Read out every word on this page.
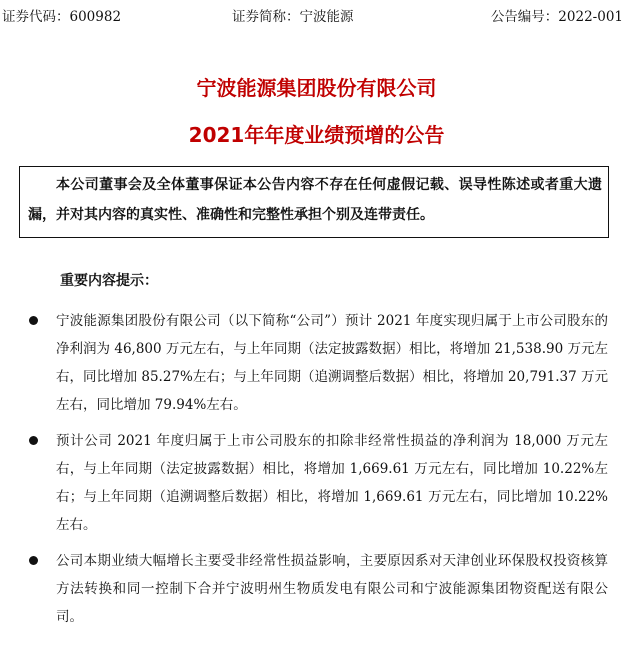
证券代码：600982	证券简称：宁波能源	公告编号：2022-001
宁波能源集团股份有限公司
2021年年度业绩预增的公告

本公司董事会及全体董事保证本公告内容不存在任何虚假记载、误导性陈述或者重大遗漏，并对其内容的真实性、准确性和完整性承担个别及连带责任。

重要内容提示：
宁波能源集团股份有限公司（以下简称“公司”）预计 2021 年度实现归属于上市公司股东的净利润为 46,800 万元左右，与上年同期（法定披露数据）相比，将增加 21,538.90 万元左右，同比增加 85.27%左右；与上年同期（追溯调整后数据）相比，将增加 20,791.37 万元左右，同比增加 79.94%左右。
预计公司 2021 年度归属于上市公司股东的扣除非经常性损益的净利润为 18,000 万元左右，与上年同期（法定披露数据）相比，将增加 1,669.61 万元左右，同比增加 10.22%左右；与上年同期（追溯调整后数据）相比，将增加 1,669.61 万元左右，同比增加 10.22%左右。
公司本期业绩大幅增长主要受非经常性损益影响，主要原因系对天津创业环保股权投资核算方法转换和同一控制下合并宁波明州生物质发电有限公司和宁波能源集团物资配送有限公司。
